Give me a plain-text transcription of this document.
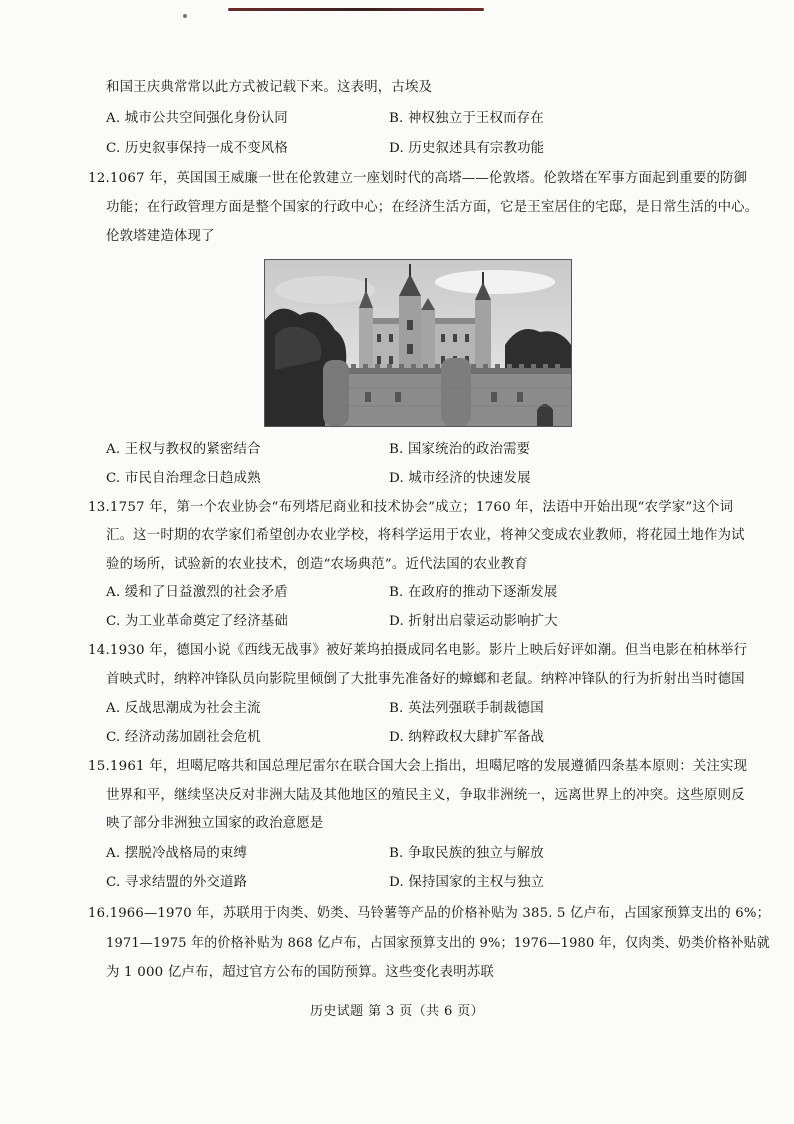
和国王庆典常常以此方式被记载下来。这表明，古埃及
A. 城市公共空间强化身份认同	B. 神权独立于王权而存在
C. 历史叙事保持一成不变风格	D. 历史叙述具有宗教功能
12.1067 年，英国国王威廉一世在伦敦建立一座划时代的高塔——伦敦塔。伦敦塔在军事方面起到重要的防御
功能；在行政管理方面是整个国家的行政中心；在经济生活方面，它是王室居住的宅邸，是日常生活的中心。
伦敦塔建造体现了
A. 王权与教权的紧密结合	B. 国家统治的政治需要
C. 市民自治理念日趋成熟	D. 城市经济的快速发展
13.1757 年，第一个农业协会“布列塔尼商业和技术协会”成立；1760 年，法语中开始出现“农学家”这个词
汇。这一时期的农学家们希望创办农业学校，将科学运用于农业，将神父变成农业教师，将花园土地作为试
验的场所，试验新的农业技术，创造“农场典范”。近代法国的农业教育
A. 缓和了日益激烈的社会矛盾	B. 在政府的推动下逐渐发展
C. 为工业革命奠定了经济基础	D. 折射出启蒙运动影响扩大
14.1930 年，德国小说《西线无战事》被好莱坞拍摄成同名电影。影片上映后好评如潮。但当电影在柏林举行
首映式时，纳粹冲锋队员向影院里倾倒了大批事先准备好的蟑螂和老鼠。纳粹冲锋队的行为折射出当时德国
A. 反战思潮成为社会主流	B. 英法列强联手制裁德国
C. 经济动荡加剧社会危机	D. 纳粹政权大肆扩军备战
15.1961 年，坦噶尼喀共和国总理尼雷尔在联合国大会上指出，坦噶尼喀的发展遵循四条基本原则：关注实现
世界和平，继续坚决反对非洲大陆及其他地区的殖民主义，争取非洲统一，远离世界上的冲突。这些原则反
映了部分非洲独立国家的政治意愿是
A. 摆脱冷战格局的束缚	B. 争取民族的独立与解放
C. 寻求结盟的外交道路	D. 保持国家的主权与独立
16.1966—1970 年，苏联用于肉类、奶类、马铃薯等产品的价格补贴为 385. 5 亿卢布，占国家预算支出的 6%；
1971—1975 年的价格补贴为 868 亿卢布，占国家预算支出的 9%；1976—1980 年，仅肉类、奶类价格补贴就
为 1 000 亿卢布，超过官方公布的国防预算。这些变化表明苏联
历史试题 第 3 页（共 6 页）
